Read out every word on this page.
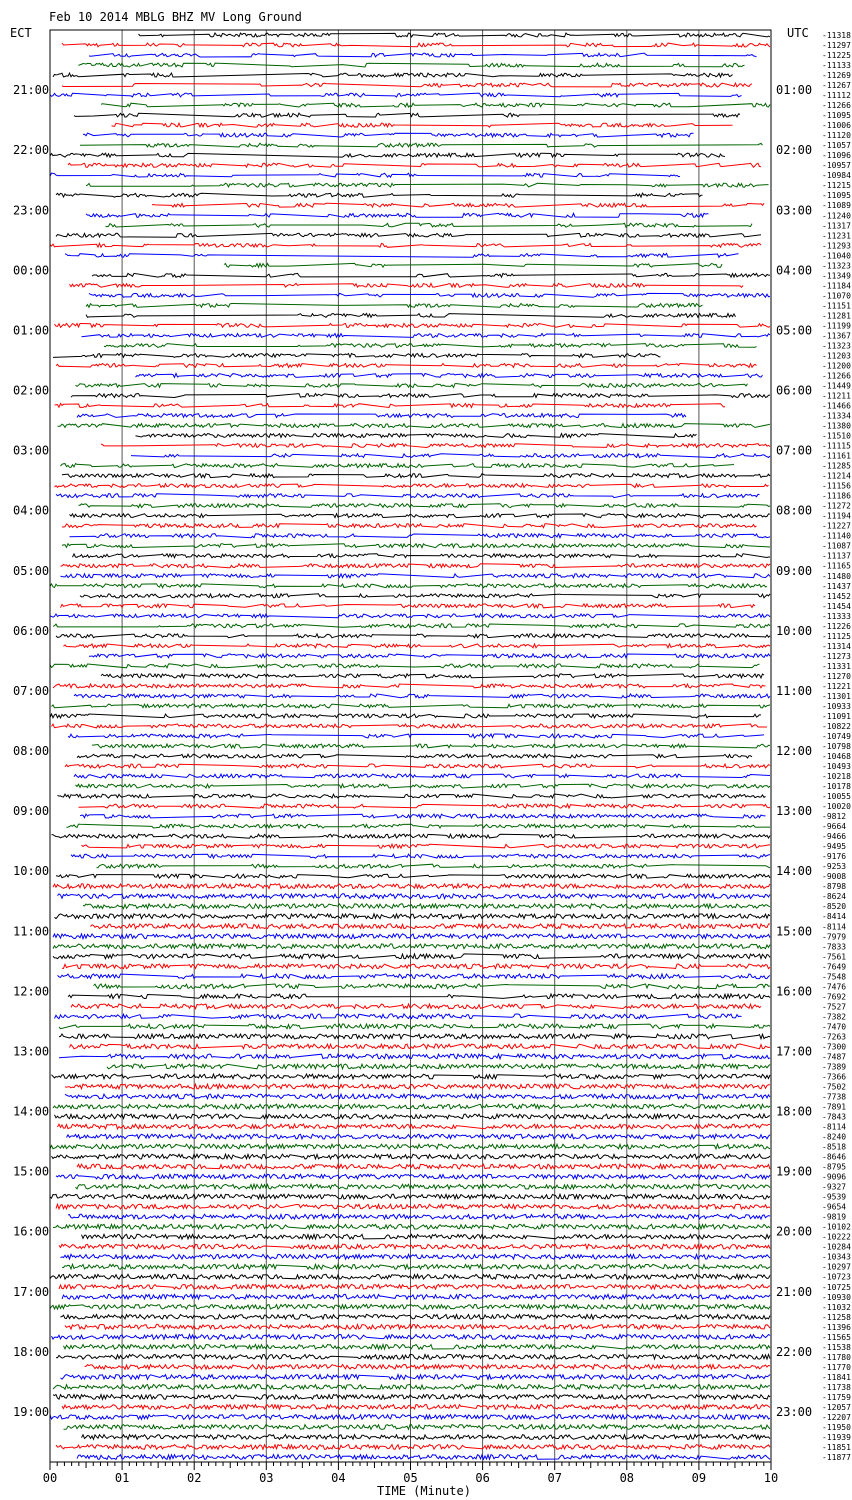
Feb 10 2014 MBLG BHZ MV Long Ground
ECT	UTC
21:00
22:00
23:00
00:00
01:00
02:00
03:00
04:00
05:00
06:00
07:00
08:00
09:00
10:00
11:00
12:00
13:00
14:00
15:00
16:00
17:00
18:00
19:00
01:00
02:00
03:00
04:00
05:00
06:00
07:00
08:00
09:00
10:00
11:00
12:00
13:00
14:00
15:00
16:00
17:00
18:00
19:00
20:00
21:00
22:00
23:00
-11318
-11297
-11225
-11133
-11269
-11267
-11112
-11266
-11095
-11006
-11120
-11057
-11096
-10957
-10984
-11215
-11095
-11089
-11240
-11317
-11231
-11293
-11040
-11323
-11349
-11184
-11070
-11151
-11281
-11199
-11367
-11323
-11203
-11200
-11266
-11449
-11211
-11466
-11334
-11380
-11510
-11115
-11161
-11285
-11214
-11156
-11186
-11272
-11194
-11227
-11140
-11087
-11137
-11165
-11480
-11437
-11452
-11454
-11333
-11226
-11125
-11314
-11273
-11331
-11270
-11221
-11301
-10933
-11091
-10822
-10749
-10798
-10468
-10493
-10218
-10178
-10055
-10020
-9812
-9664
-9466
-9495
-9176
-9253
-9008
-8798
-8624
-8520
-8414
-8114
-7979
-7833
-7561
-7649
-7548
-7476
-7692
-7527
-7382
-7470
-7263
-7300
-7487
-7389
-7366
-7502
-7738
-7891
-7843
-8114
-8240
-8518
-8646
-8795
-9096
-9327
-9539
-9654
-9819
-10102
-10222
-10284
-10343
-10297
-10723
-10725
-10930
-11032
-11258
-11396
-11565
-11538
-11780
-11770
-11841
-11738
-11759
-12057
-12207
-11950
-11939
-11851
-11877
00	01	02	03	04	05	06	07	08	09	10
TIME (Minute)
